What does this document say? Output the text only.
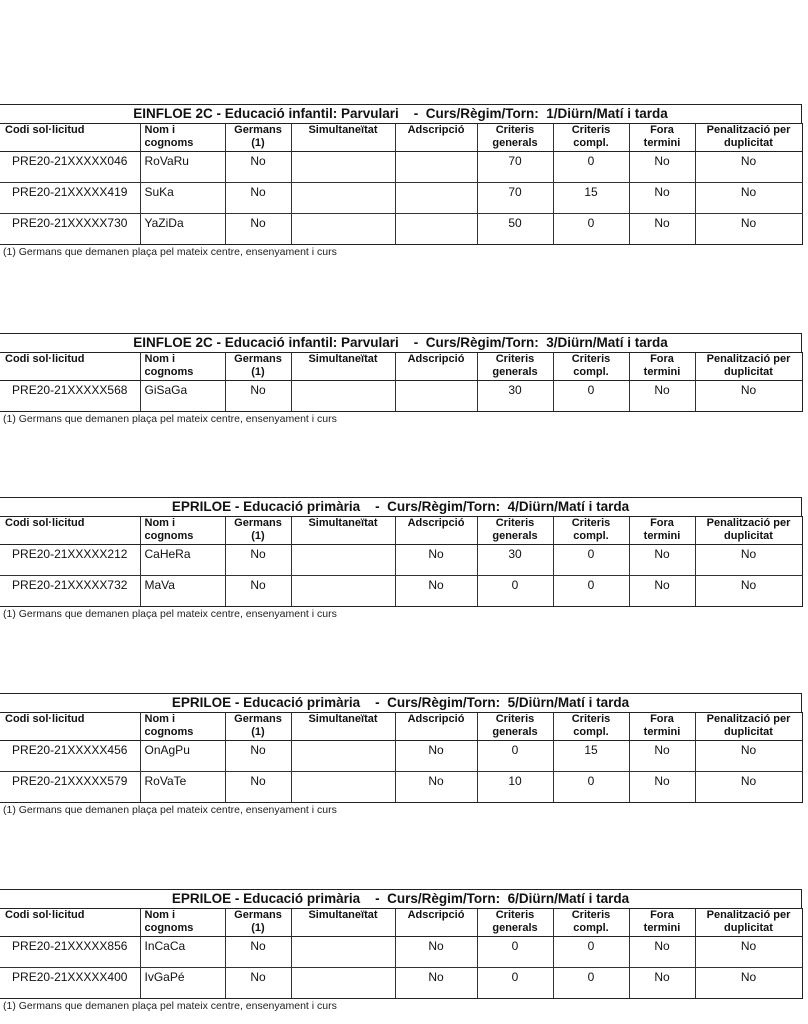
EINFLOE 2C - Educació infantil: Parvulari    -  Curs/Règim/Torn:  1/Diürn/Matí i tarda
Codi sol·licitud	Nom i cognoms	Germans (1)	Simultaneïtat	Adscripció	Criteris generals	Criteris compl.	Fora termini	Penalització per duplicitat
PRE20-21XXXXX046	RoVaRu	No			70	0	No	No
PRE20-21XXXXX419	SuKa	No			70	15	No	No
PRE20-21XXXXX730	YaZiDa	No			50	0	No	No
(1) Germans que demanen plaça pel mateix centre, ensenyament i curs
EINFLOE 2C - Educació infantil: Parvulari    -  Curs/Règim/Torn:  3/Diürn/Matí i tarda
Codi sol·licitud	Nom i cognoms	Germans (1)	Simultaneïtat	Adscripció	Criteris generals	Criteris compl.	Fora termini	Penalització per duplicitat
PRE20-21XXXXX568	GiSaGa	No			30	0	No	No
(1) Germans que demanen plaça pel mateix centre, ensenyament i curs
EPRILOE - Educació primària    -  Curs/Règim/Torn:  4/Diürn/Matí i tarda
Codi sol·licitud	Nom i cognoms	Germans (1)	Simultaneïtat	Adscripció	Criteris generals	Criteris compl.	Fora termini	Penalització per duplicitat
PRE20-21XXXXX212	CaHeRa	No		No	30	0	No	No
PRE20-21XXXXX732	MaVa	No		No	0	0	No	No
(1) Germans que demanen plaça pel mateix centre, ensenyament i curs
EPRILOE - Educació primària    -  Curs/Règim/Torn:  5/Diürn/Matí i tarda
Codi sol·licitud	Nom i cognoms	Germans (1)	Simultaneïtat	Adscripció	Criteris generals	Criteris compl.	Fora termini	Penalització per duplicitat
PRE20-21XXXXX456	OnAgPu	No		No	0	15	No	No
PRE20-21XXXXX579	RoVaTe	No		No	10	0	No	No
(1) Germans que demanen plaça pel mateix centre, ensenyament i curs
EPRILOE - Educació primària    -  Curs/Règim/Torn:  6/Diürn/Matí i tarda
Codi sol·licitud	Nom i cognoms	Germans (1)	Simultaneïtat	Adscripció	Criteris generals	Criteris compl.	Fora termini	Penalització per duplicitat
PRE20-21XXXXX856	InCaCa	No		No	0	0	No	No
PRE20-21XXXXX400	IvGaPé	No		No	0	0	No	No
(1) Germans que demanen plaça pel mateix centre, ensenyament i curs
